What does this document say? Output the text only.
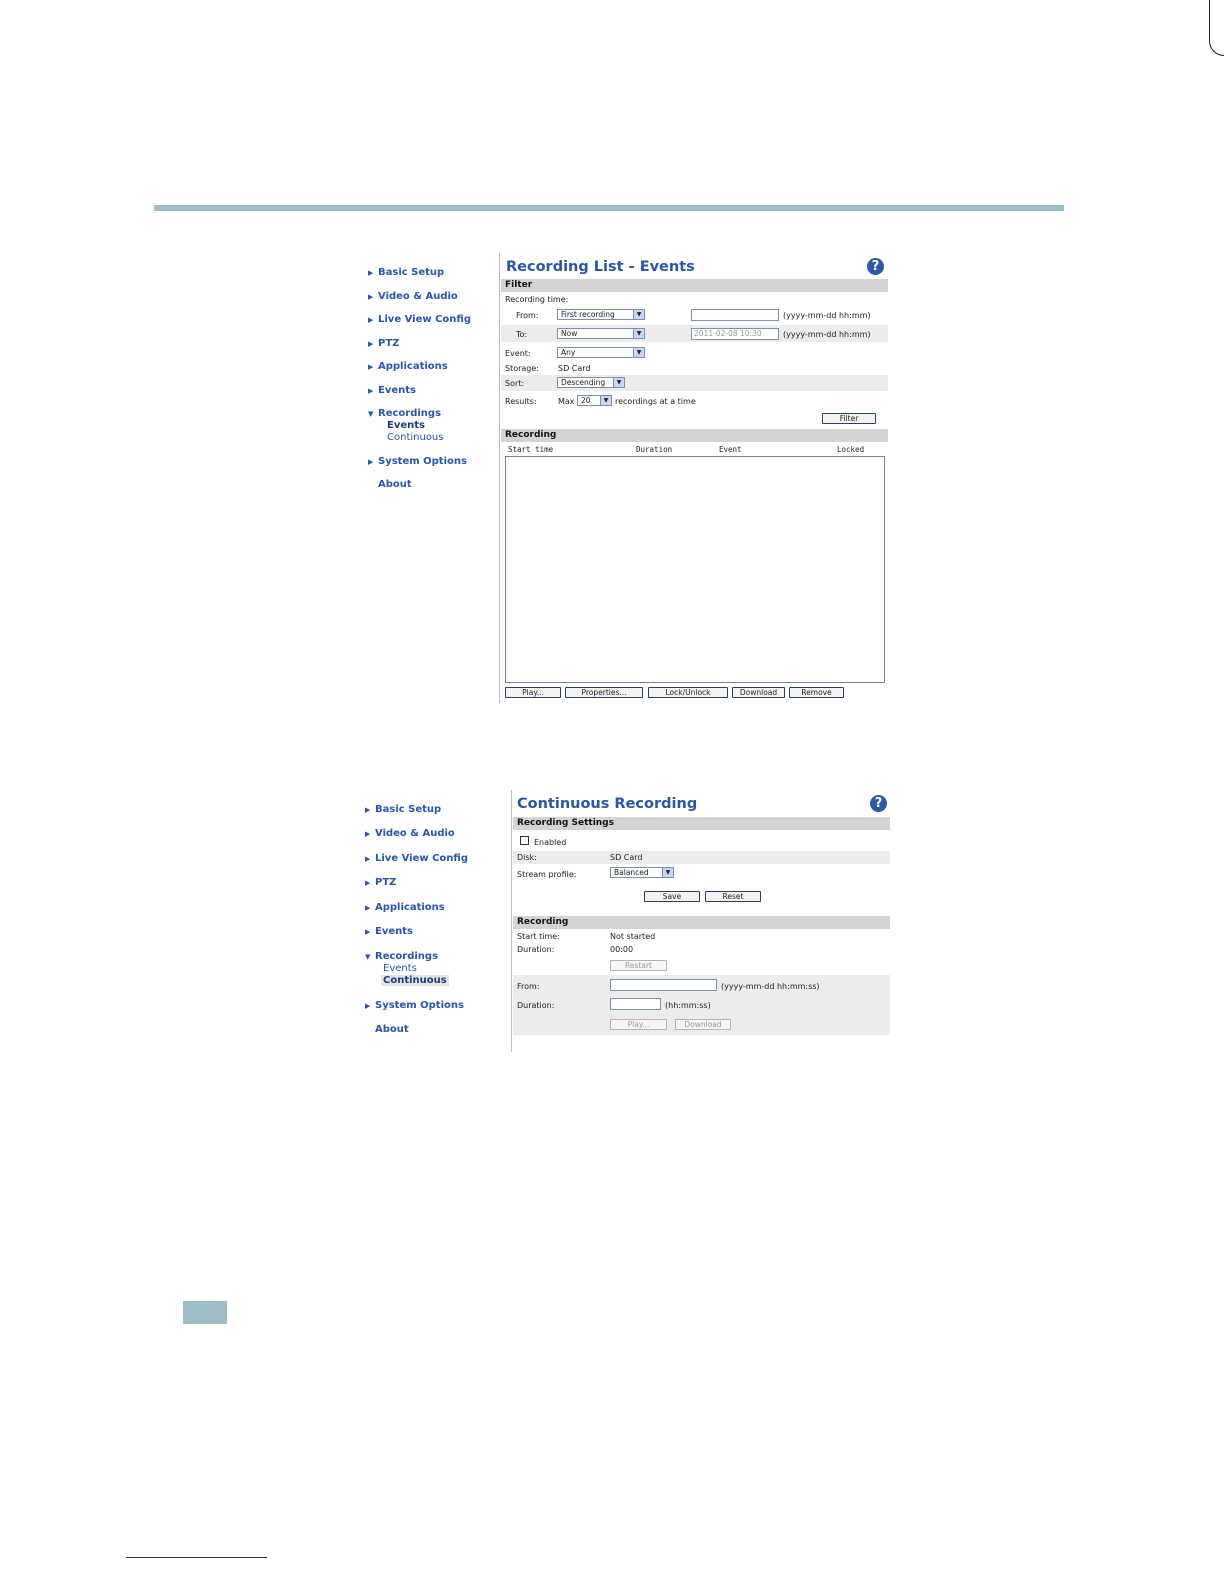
▶ Basic Setup
▶ Video & Audio
▶ Live View Config
▶ PTZ
▶ Applications
▶ Events
▼ Recordings
Events
Continuous
▶ System Options
About
Recording List - Events	?
Filter
Recording time:
From:	First recording	▼	(yyyy-mm-dd hh:mm)
To:	Now	▼	2011-02-08 10:30	(yyyy-mm-dd hh:mm)
Event:	Any	▼
Storage: SD Card
Sort:	Descending	▼
Results:	Max 20	▼ recordings at a time
Filter
Recording
Start time	Duration	Event	Locked
Play...	Properties...	Lock/Unlock	Download	Remove
▶ Basic Setup
▶ Video & Audio
▶ Live View Config
▶ PTZ
▶ Applications
▶ Events
▼ Recordings
Events
Continuous
▶ System Options
About
Continuous Recording	?
Recording Settings
Enabled
Disk:	SD Card
Stream profile:	Balanced	▼
Save	Reset
Recording
Start time:	Not started
Duration:	00:00
Restart
From:	(yyyy-mm-dd hh:mm:ss)
Duration:	(hh:mm:ss)
Play...	Download
